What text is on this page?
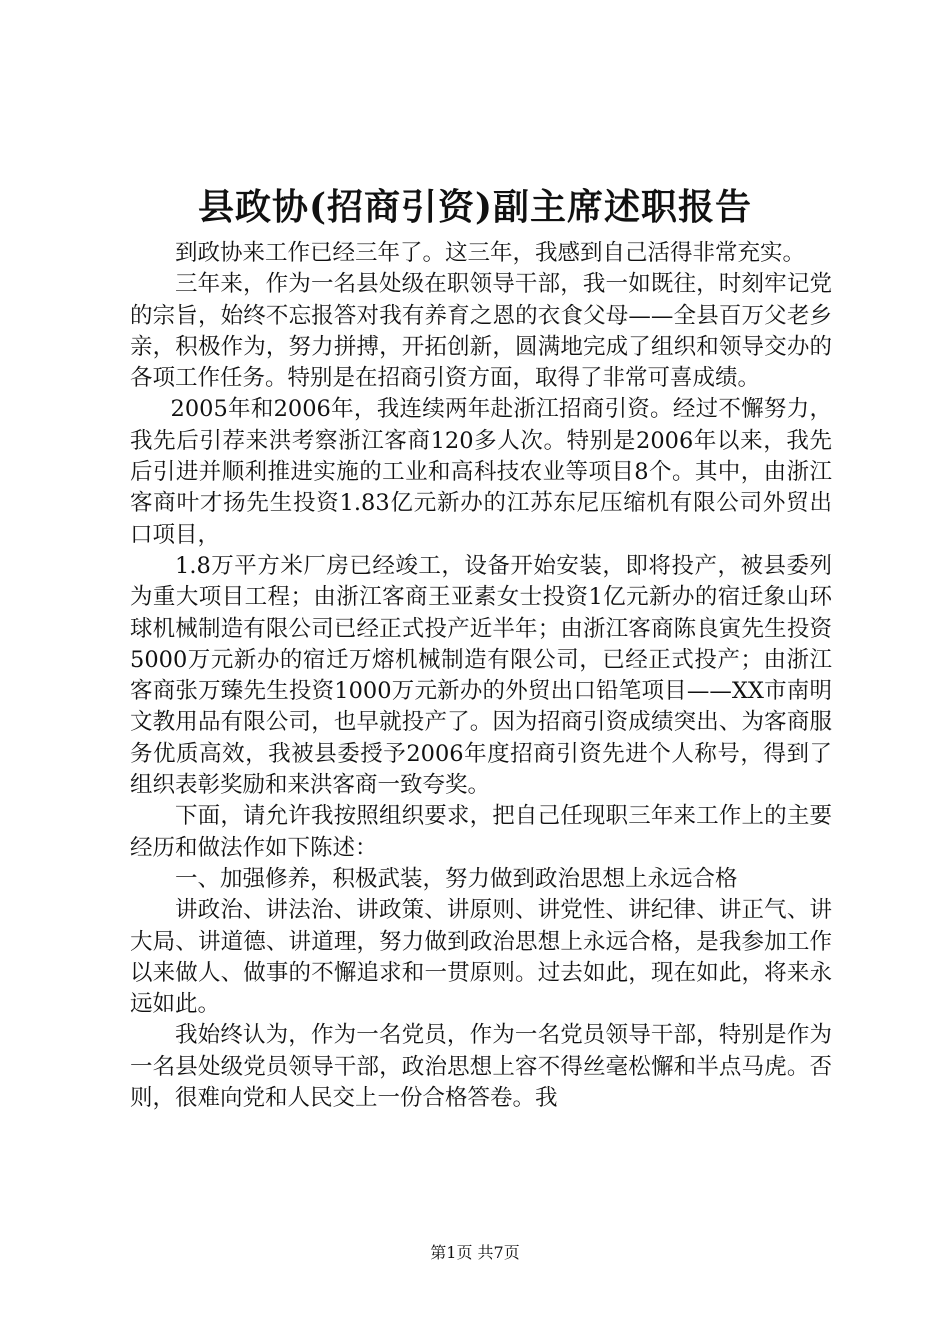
县政协(招商引资)副主席述职报告

到政协来工作已经三年了。这三年，我感到自己活得非常充实。

三年来，作为一名县处级在职领导干部，我一如既往，时刻牢记党的宗旨，始终不忘报答对我有养育之恩的衣食父母——全县百万父老乡亲，积极作为，努力拼搏，开拓创新，圆满地完成了组织和领导交办的各项工作任务。特别是在招商引资方面，取得了非常可喜成绩。

2005年和2006年，我连续两年赴浙江招商引资。经过不懈努力，我先后引荐来洪考察浙江客商120多人次。特别是2006年以来，我先后引进并顺利推进实施的工业和高科技农业等项目8个。其中，由浙江客商叶才扬先生投资1.83亿元新办的江苏东尼压缩机有限公司外贸出口项目，

1.8万平方米厂房已经竣工，设备开始安装，即将投产，被县委列为重大项目工程；由浙江客商王亚素女士投资1亿元新办的宿迁象山环球机械制造有限公司已经正式投产近半年；由浙江客商陈良寅先生投资5000万元新办的宿迁万熔机械制造有限公司，已经正式投产；由浙江客商张万臻先生投资1000万元新办的外贸出口铅笔项目——XX市南明文教用品有限公司，也早就投产了。因为招商引资成绩突出、为客商服务优质高效，我被县委授予2006年度招商引资先进个人称号，得到了组织表彰奖励和来洪客商一致夸奖。

下面，请允许我按照组织要求，把自己任现职三年来工作上的主要经历和做法作如下陈述：

一、加强修养，积极武装，努力做到政治思想上永远合格

讲政治、讲法治、讲政策、讲原则、讲党性、讲纪律、讲正气、讲大局、讲道德、讲道理，努力做到政治思想上永远合格，是我参加工作以来做人、做事的不懈追求和一贯原则。过去如此，现在如此，将来永远如此。

我始终认为，作为一名党员，作为一名党员领导干部，特别是作为一名县处级党员领导干部，政治思想上容不得丝毫松懈和半点马虎。否则，很难向党和人民交上一份合格答卷。我

第1页 共7页
